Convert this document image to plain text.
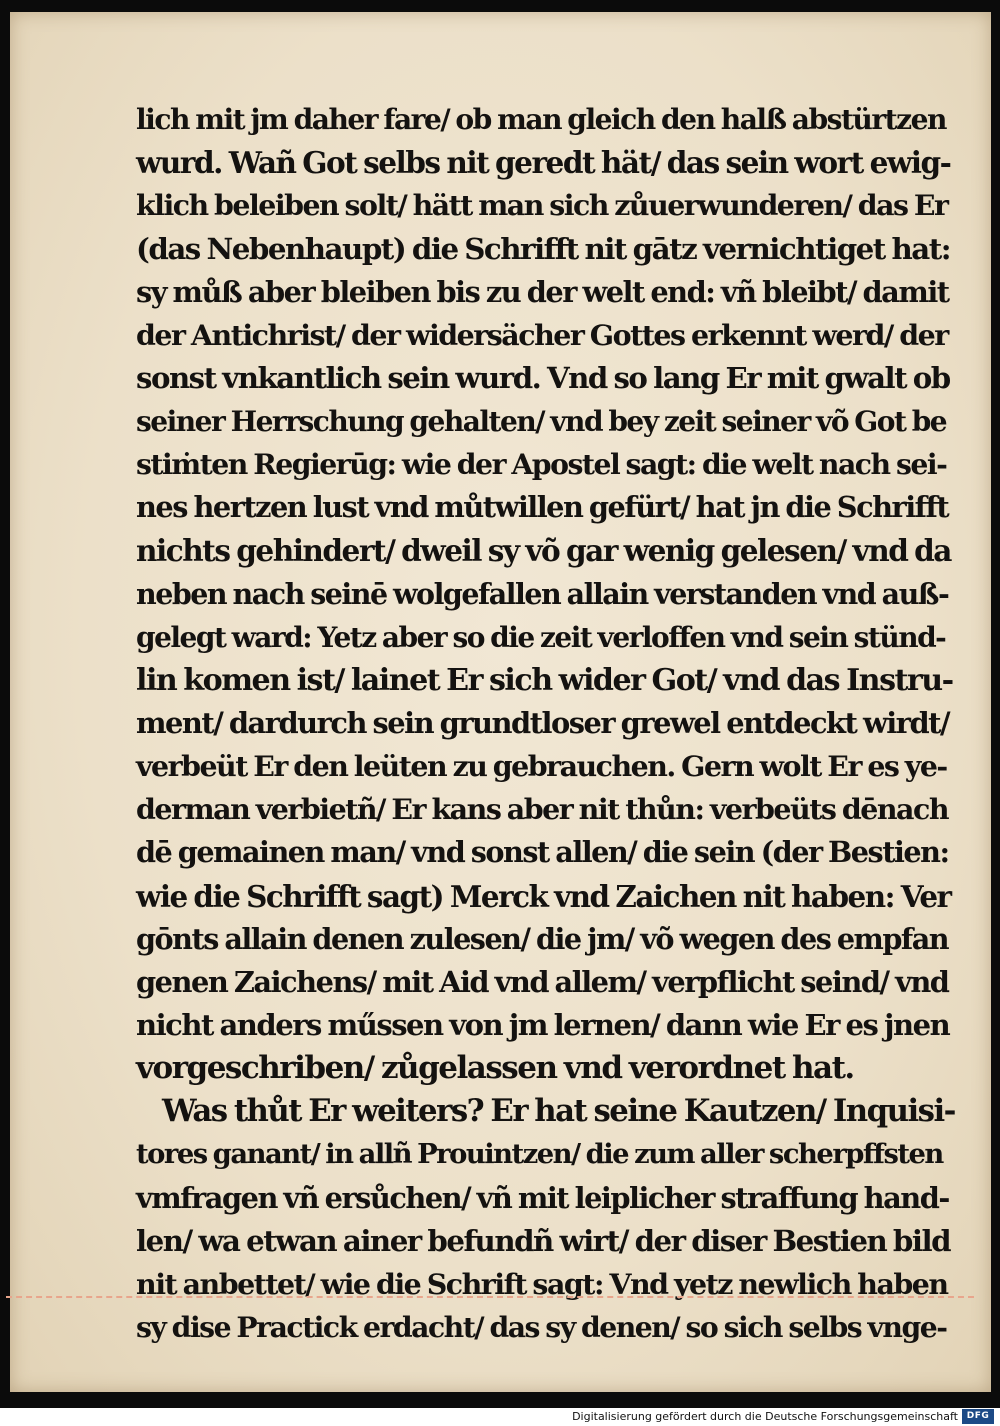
lich mit jm daher fare/ ob man gleich den halß abstürtzen
wurd. Wañ Got selbs nit geredt hät/ das sein wort ewig-
klich beleiben solt/ hätt man sich zůuerwunderen/ das Er
(das Nebenhaupt) die Schrifft nit gātz vernichtiget hat:
sy můß aber bleiben bis zu der welt end: vñ bleibt/ damit
der Antichrist/ der widersächer Gottes erkennt werd/ der
sonst vnkantlich sein wurd. Vnd so lang Er mit gwalt ob
seiner Herrschung gehalten/ vnd bey zeit seiner võ Got be
stiṁten Regierūg: wie der Apostel sagt: die welt nach sei-
nes hertzen lust vnd můtwillen gefürt/ hat jn die Schrifft
nichts gehindert/ dweil sy võ gar wenig gelesen/ vnd da
neben nach seinē wolgefallen allain verstanden vnd auß-
gelegt ward: Yetz aber so die zeit verloffen vnd sein stünd-
lin komen ist/ lainet Er sich wider Got/ vnd das Instru-
ment/ dardurch sein grundtloser grewel entdeckt wirdt/
verbeüt Er den leüten zu gebrauchen. Gern wolt Er es ye-
derman verbietñ/ Er kans aber nit thůn: verbeüts dēnach
dē gemainen man/ vnd sonst allen/ die sein (der Bestien:
wie die Schrifft sagt) Merck vnd Zaichen nit haben: Ver
gōnts allain denen zulesen/ die jm/ võ wegen des empfan
genen Zaichens/ mit Aid vnd allem/ verpflicht seind/ vnd
nicht anders műssen von jm lernen/ dann wie Er es jnen
vorgeschriben/ zůgelassen vnd verordnet hat.
Was thůt Er weiters? Er hat seine Kautzen/ Inquisi-
tores ganant/ in allñ Prouintzen/ die zum aller scherpffsten
vmfragen vñ ersůchen/ vñ mit leiplicher straffung hand-
len/ wa etwan ainer befundñ wirt/ der diser Bestien bild
nit anbettet/ wie die Schrift sagt: Vnd yetz newlich haben
sy dise Practick erdacht/ das sy denen/ so sich selbs vnge-
Digitalisierung gefördert durch die Deutsche Forschungsgemeinschaft DFG
